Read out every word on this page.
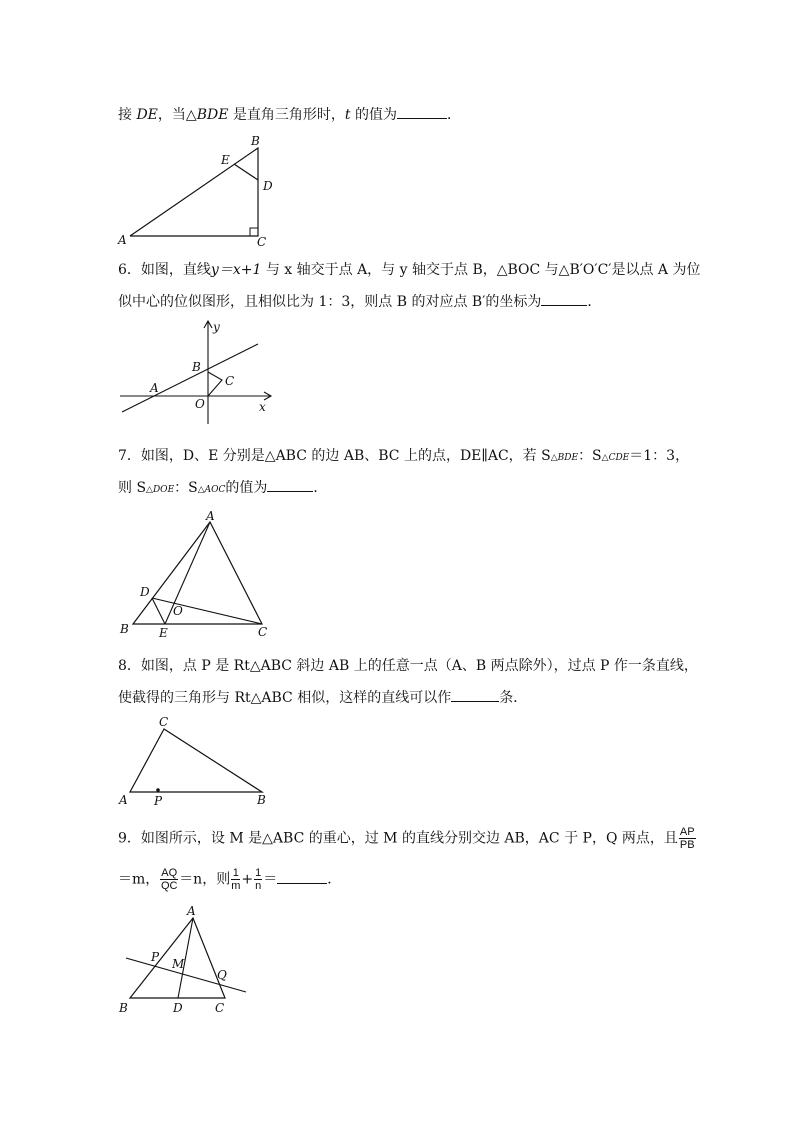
接 DE，当△BDE 是直角三角形时，t 的值为	．
A
B
C
D
E
6．如图，直线y＝x+1 与 x 轴交于点 A，与 y 轴交于点 B，△BOC 与△B′O′C′是以点 A 为位
似中心的位似图形，且相似比为 1：3，则点 B 的对应点 B′的坐标为	．
A
B
C
O	x
y
7．如图，D、E 分别是△ABC 的边 AB、BC 上的点，DE∥AC，若 S△BDE：S△CDE＝1：3，
则 S△DOE：S△AOC的值为	．
A
B	C
D
E
O
8．如图，点 P 是 Rt△ABC 斜边 AB 上的任意一点（A、B 两点除外），过点 P 作一条直线，
使截得的三角形与 Rt△ABC 相似，这样的直线可以作	条．
C
A	B
P
9．如图所示，设 M 是△ABC 的重心，过 M 的直线分别交边 AB，AC 于 P，Q 两点，且 $\frac{AP}{PB}$
＝m， $\frac{AQ}{QC} =n$，则 $\frac{1}{m} + \frac{1}{n}$ ＝	．
A
B	C
D
M
P
Q
